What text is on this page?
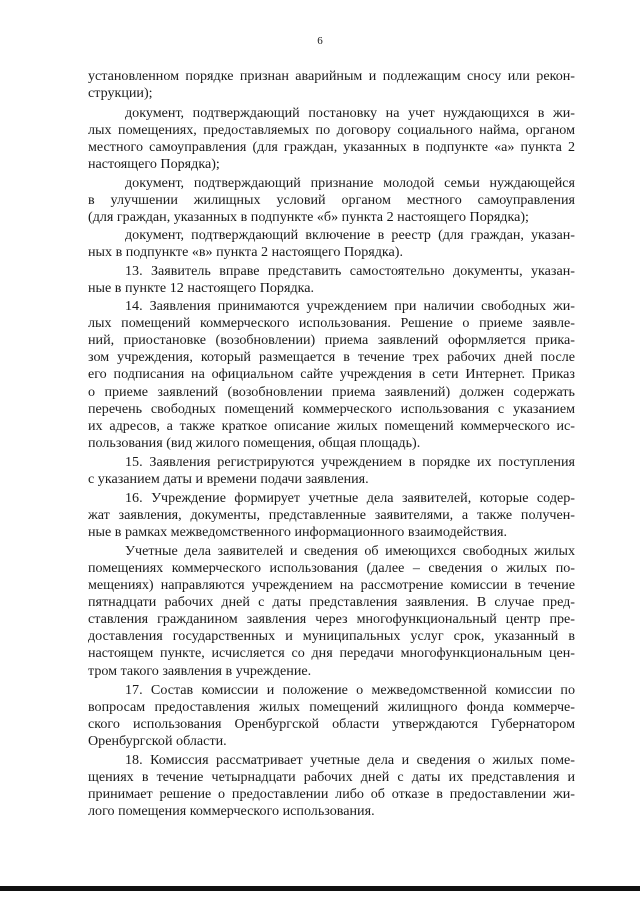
6
установленном порядке признан аварийным и подлежащим сносу или рекон-
струкции);
документ, подтверждающий постановку на учет нуждающихся в жи-
лых помещениях, предоставляемых по договору социального найма, органом
местного самоуправления (для граждан, указанных в подпункте «а» пункта 2
настоящего Порядка);
документ, подтверждающий признание молодой семьи нуждающейся
в улучшении жилищных условий органом местного самоуправления
(для граждан, указанных в подпункте «б» пункта 2 настоящего Порядка);
документ, подтверждающий включение в реестр (для граждан, указан-
ных в подпункте «в» пункта 2 настоящего Порядка).
13. Заявитель вправе представить самостоятельно документы, указан-
ные в пункте 12 настоящего Порядка.
14. Заявления принимаются учреждением при наличии свободных жи-
лых помещений коммерческого использования. Решение о приеме заявле-
ний, приостановке (возобновлении) приема заявлений оформляется прика-
зом учреждения, который размещается в течение трех рабочих дней после
его подписания на официальном сайте учреждения в сети Интернет. Приказ
о приеме заявлений (возобновлении приема заявлений) должен содержать
перечень свободных помещений коммерческого использования с указанием
их адресов, а также краткое описание жилых помещений коммерческого ис-
пользования (вид жилого помещения, общая площадь).
15. Заявления регистрируются учреждением в порядке их поступления
с указанием даты и времени подачи заявления.
16. Учреждение формирует учетные дела заявителей, которые содер-
жат заявления, документы, представленные заявителями, а также получен-
ные в рамках межведомственного информационного взаимодействия.
Учетные дела заявителей и сведения об имеющихся свободных жилых
помещениях коммерческого использования (далее – сведения о жилых по-
мещениях) направляются учреждением на рассмотрение комиссии в течение
пятнадцати рабочих дней с даты представления заявления. В случае пред-
ставления гражданином заявления через многофункциональный центр пре-
доставления государственных и муниципальных услуг срок, указанный в
настоящем пункте, исчисляется со дня передачи многофункциональным цен-
тром такого заявления в учреждение.
17. Состав комиссии и положение о межведомственной комиссии по
вопросам предоставления жилых помещений жилищного фонда коммерче-
ского использования Оренбургской области утверждаются Губернатором
Оренбургской области.
18. Комиссия рассматривает учетные дела и сведения о жилых поме-
щениях в течение четырнадцати рабочих дней с даты их представления и
принимает решение о предоставлении либо об отказе в предоставлении жи-
лого помещения коммерческого использования.
